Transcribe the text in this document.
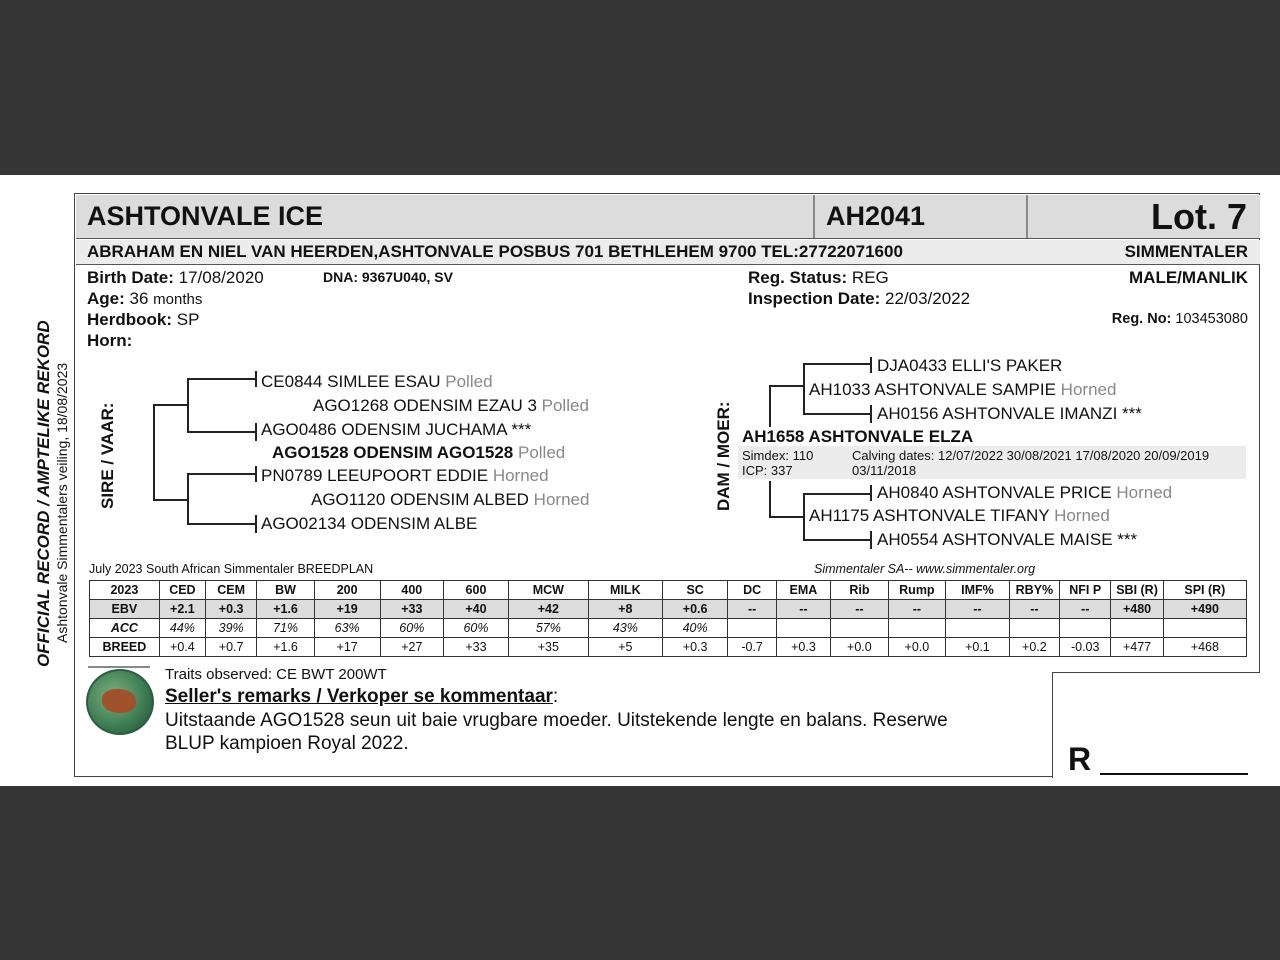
OFFICIAL RECORD / AMPTELIKE REKORD Ashtonvale Simmentalers veiling, 18/08/2023
ASHTONVALE ICE	AH2041	Lot. 7
ABRAHAM EN NIEL VAN HEERDEN,ASHTONVALE POSBUS 701 BETHLEHEM 9700 TEL:27722071600	SIMMENTALER
Birth Date: 17/08/2020	DNA: 9367U040, SV
Age: 36 months
Herdbook: SP
Horn:
Reg. Status: REG
Inspection Date: 22/03/2022
MALE/MANLIK
Reg. No: 103453080
SIRE / VAAR:
CE0844 SIMLEE ESAU Polled
AGO1268 ODENSIM EZAU 3 Polled
AGO0486 ODENSIM JUCHAMA ***
AGO1528 ODENSIM AGO1528 Polled
PN0789 LEEUPOORT EDDIE Horned
AGO1120 ODENSIM ALBED Horned
AGO02134 ODENSIM ALBE
DAM / MOER:
DJA0433 ELLI'S PAKER
AH1033 ASHTONVALE SAMPIE Horned
AH0156 ASHTONVALE IMANZI ***
AH1658 ASHTONVALE ELZA
Simdex: 110
ICP: 337
Calving dates: 12/07/2022 30/08/2021 17/08/2020 20/09/2019
03/11/2018
AH0840 ASHTONVALE PRICE Horned
AH1175 ASHTONVALE TIFANY Horned
AH0554 ASHTONVALE MAISE ***
July 2023 South African Simmentaler BREEDPLAN	Simmentaler SA-- www.simmentaler.org
2023	CED	CEM	BW	200	400	600	MCW	MILK	SC	DC	EMA	Rib	Rump	IMF%	RBY%	NFI P	SBI (R)	SPI (R)
EBV	+2.1	+0.3	+1.6	+19	+33	+40	+42	+8	+0.6	--	--	--	--	--	--	--	+480	+490
ACC	44%	39%	71%	63%	60%	60%	57%	43%	40%									
BREED	+0.4	+0.7	+1.6	+17	+27	+33	+35	+5	+0.3	-0.7	+0.3	+0.0	+0.0	+0.1	+0.2	-0.03	+477	+468
Traits observed: CE BWT 200WT
Seller's remarks / Verkoper se kommentaar:
Uitstaande AGO1528 seun uit baie vrugbare moeder. Uitstekende lengte en balans. Reserwe
BLUP kampioen Royal 2022.	R
